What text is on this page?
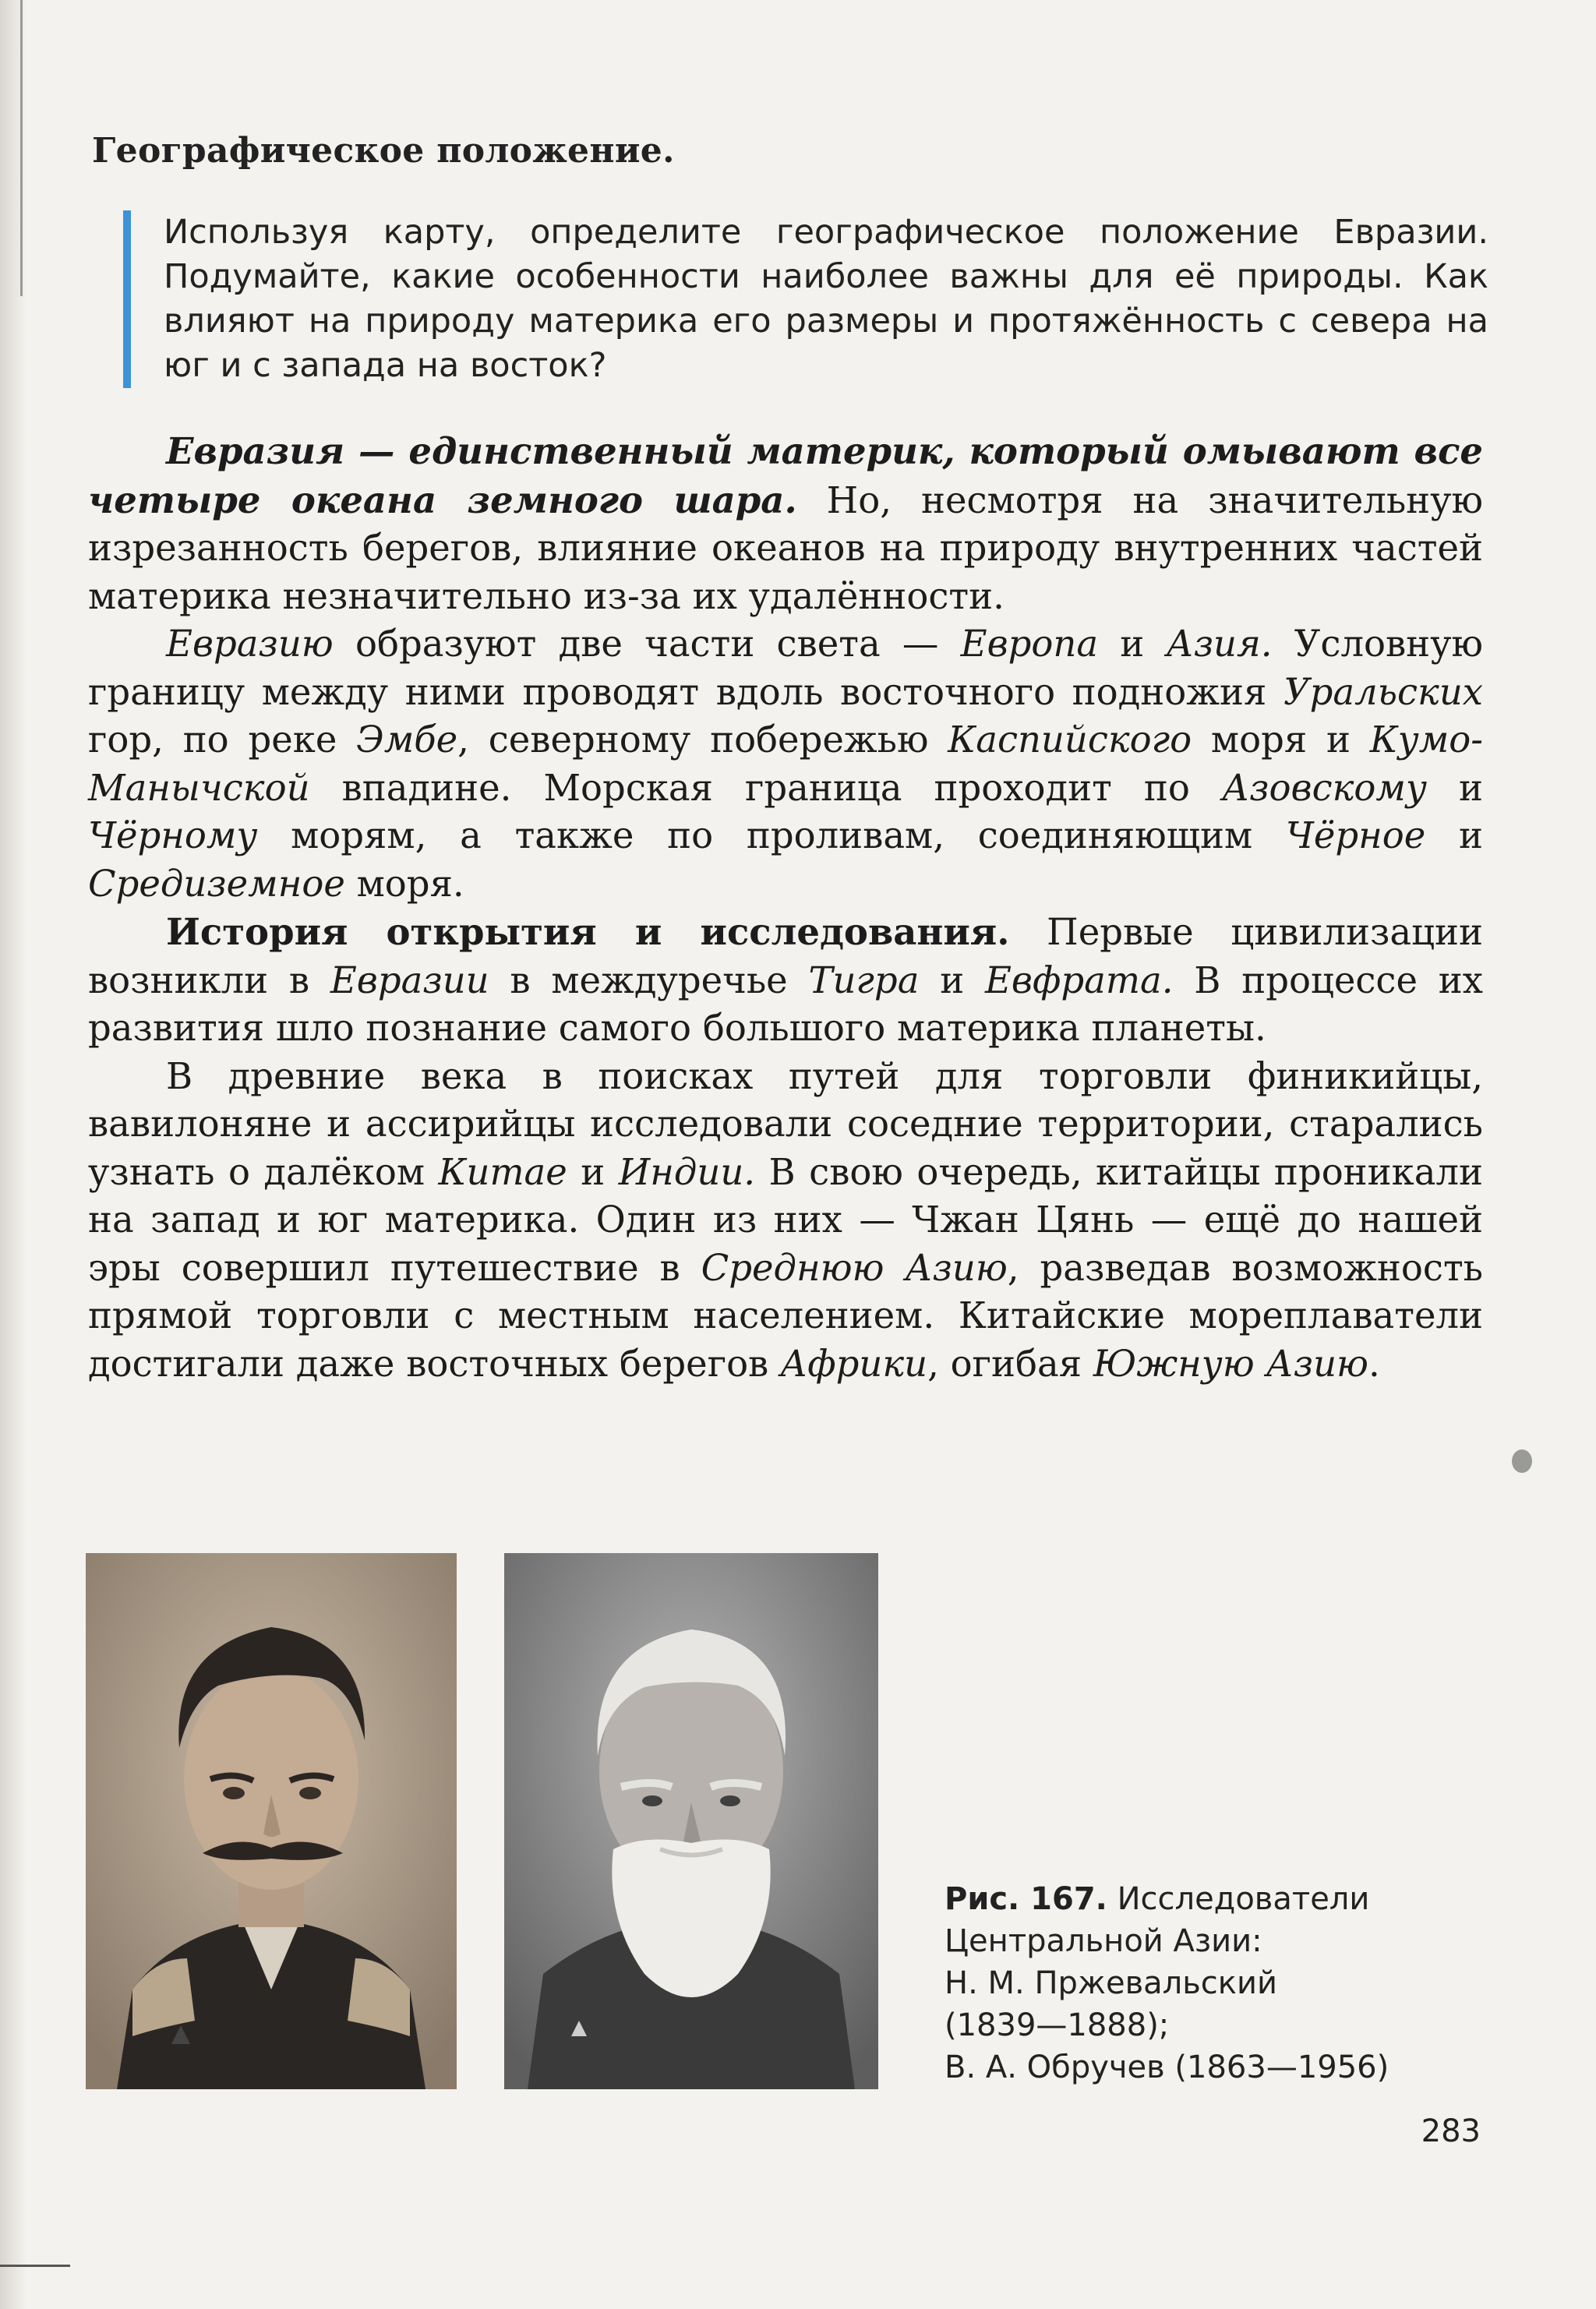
Географическое положение.
Используя карту, определите географическое положение Евразии. Подумайте, какие особенности наиболее важны для её природы. Как влияют на природу материка его размеры и протяжённость с севера на юг и с запада на восток?

Евразия — единственный материк, который омывают все четыре океана земного шара. Но, несмотря на значительную изрезанность берегов, влияние океанов на природу внутренних частей материка незначительно из-за их удалённости.

Евразию образуют две части света — Европа и Азия. Условную границу между ними проводят вдоль восточного подножия Уральских гор, по реке Эмбе, северному побережью Каспийского моря и Кумо-Манычской впадине. Морская граница проходит по Азовскому и Чёрному морям, а также по проливам, соединяющим Чёрное и Средиземное моря.

История открытия и исследования. Первые цивилизации возникли в Евразии в междуречье Тигра и Евфрата. В процессе их развития шло познание самого большого материка планеты.

В древние века в поисках путей для торговли финикийцы, вавилоняне и ассирийцы исследовали соседние территории, старались узнать о далёком Китае и Индии. В свою очередь, китайцы проникали на запад и юг материка. Один из них — Чжан Цянь — ещё до нашей эры совершил путешествие в Среднюю Азию, разведав возможность прямой торговли с местным населением. Китайские мореплаватели достигали даже восточных берегов Африки, огибая Южную Азию.

Рис. 167. Исследователи
Центральной Азии:
Н. М. Пржевальский
(1839—1888);
В. А. Обручев (1863—1956)
283
